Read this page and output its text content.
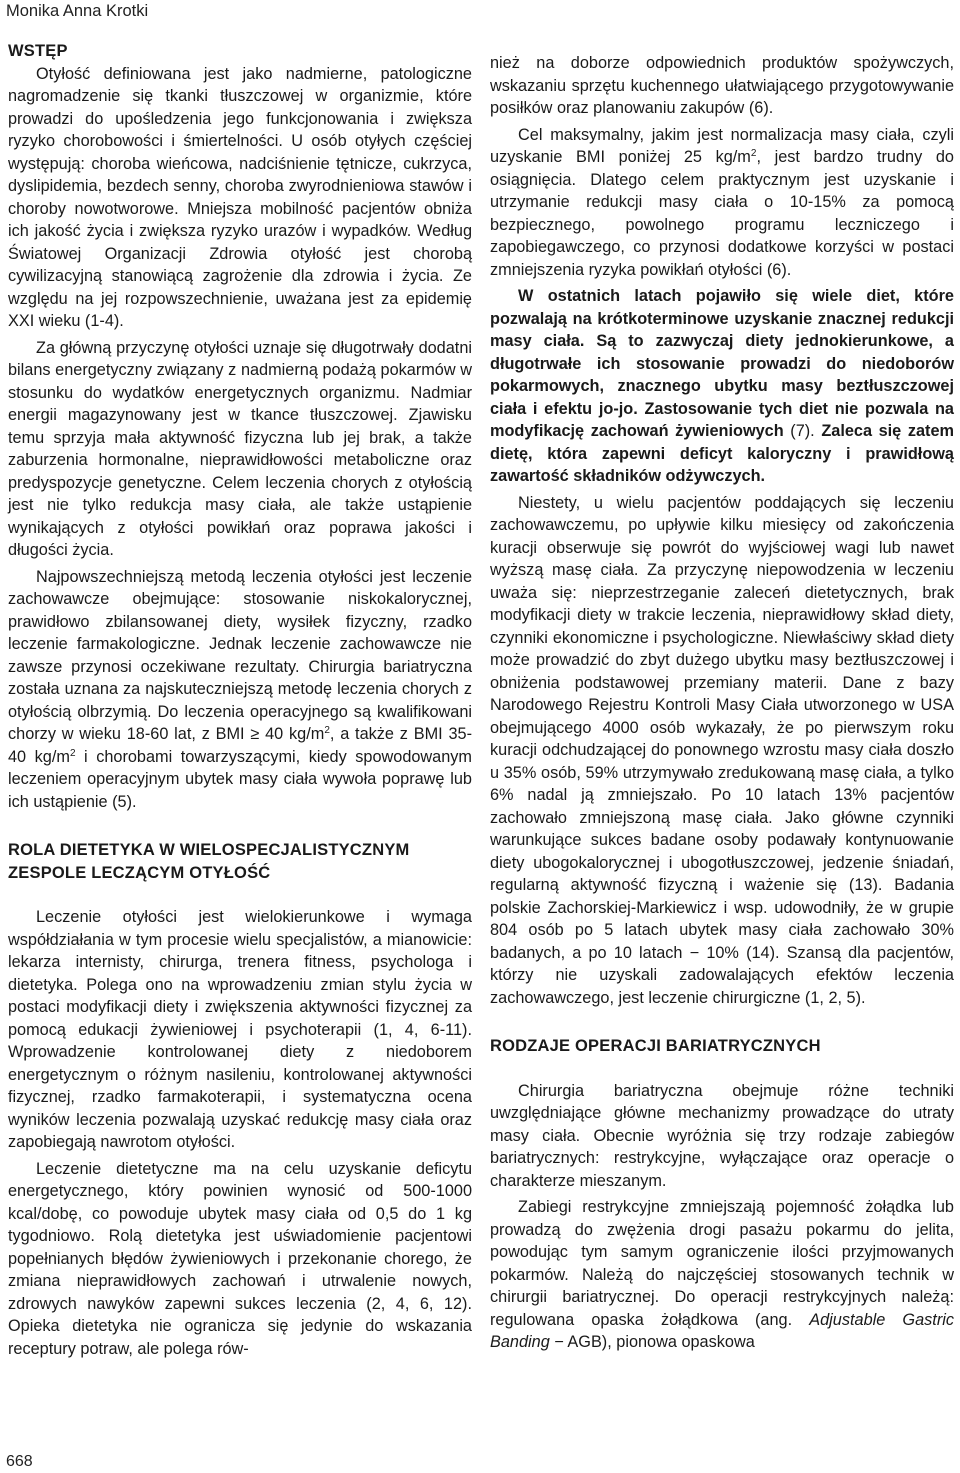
Monika Anna Krotki
WSTĘP

Otyłość definiowana jest jako nadmierne, patologiczne nagromadzenie się tkanki tłuszczowej w organizmie, które prowadzi do upośledzenia jego funkcjonowania i zwiększa ryzyko chorobowości i śmiertelności. U osób otyłych częściej występują: choroba wieńcowa, nadciśnienie tętnicze, cukrzyca, dyslipidemia, bezdech senny, choroba zwyrodnieniowa stawów i choroby nowotworowe. Mniejsza mobilność pacjentów obniża ich jakość życia i zwiększa ryzyko urazów i wypadków. Według Światowej Organizacji Zdrowia otyłość jest chorobą cywilizacyjną stanowiącą zagrożenie dla zdrowia i życia. Ze względu na jej rozpowszechnienie, uważana jest za epidemię XXI wieku (1-4).

Za główną przyczynę otyłości uznaje się długotrwały dodatni bilans energetyczny związany z nadmierną podażą pokarmów w stosunku do wydatków energetycznych organizmu. Nadmiar energii magazynowany jest w tkance tłuszczowej. Zjawisku temu sprzyja mała aktywność fizyczna lub jej brak, a także zaburzenia hormonalne, nieprawidłowości metaboliczne oraz predyspozycje genetyczne. Celem leczenia chorych z otyłością jest nie tylko redukcja masy ciała, ale także ustąpienie wynikających z otyłości powikłań oraz poprawa jakości i długości życia.

Najpowszechniejszą metodą leczenia otyłości jest leczenie zachowawcze obejmujące: stosowanie niskokalorycznej, prawidłowo zbilansowanej diety, wysiłek fizyczny, rzadko leczenie farmakologiczne. Jednak leczenie zachowawcze nie zawsze przynosi oczekiwane rezultaty. Chirurgia bariatryczna została uznana za najskuteczniejszą metodę leczenia chorych z otyłością olbrzymią. Do leczenia operacyjnego są kwalifikowani chorzy w wieku 18-60 lat, z BMI ≥ 40 $kg/m^2$, a także z BMI 35-40 $kg/m^2$ i chorobami towarzyszącymi, kiedy spowodowanym leczeniem operacyjnym ubytek masy ciała wywoła poprawę lub ich ustąpienie (5).

ROLA DIETETYKA W WIELOSPECJALISTYCZNYM ZESPOLE LECZĄCYM OTYŁOŚĆ

Leczenie otyłości jest wielokierunkowe i wymaga współdziałania w tym procesie wielu specjalistów, a mianowicie: lekarza internisty, chirurga, trenera fitness, psychologa i dietetyka. Polega ono na wprowadzeniu zmian stylu życia w postaci modyfikacji diety i zwiększenia aktywności fizycznej za pomocą edukacji żywieniowej i psychoterapii (1, 4, 6-11). Wprowadzenie kontrolowanej diety z niedoborem energetycznym o różnym nasileniu, kontrolowanej aktywności fizycznej, rzadko farmakoterapii, i systematyczna ocena wyników leczenia pozwalają uzyskać redukcję masy ciała oraz zapobiegają nawrotom otyłości.

Leczenie dietetyczne ma na celu uzyskanie deficytu energetycznego, który powinien wynosić od 500-1000 kcal/dobę, co powoduje ubytek masy ciała od 0,5 do 1 kg tygodniowo. Rolą dietetyka jest uświadomienie pacjentowi popełnianych błędów żywieniowych i przekonanie chorego, że zmiana nieprawidłowych zachowań i utrwalenie nowych, zdrowych nawyków zapewni sukces leczenia (2, 4, 6, 12). Opieka dietetyka nie ogranicza się jedynie do wskazania receptury potraw, ale polega rów-

nież na doborze odpowiednich produktów spożywczych, wskazaniu sprzętu kuchennego ułatwiającego przygotowywanie posiłków oraz planowaniu zakupów (6).

Cel maksymalny, jakim jest normalizacja masy ciała, czyli uzyskanie BMI poniżej 25 $kg/m^2$, jest bardzo trudny do osiągnięcia. Dlatego celem praktycznym jest uzyskanie i utrzymanie redukcji masy ciała o 10-15% za pomocą bezpiecznego, powolnego programu leczniczego i zapobiegawczego, co przynosi dodatkowe korzyści w postaci zmniejszenia ryzyka powikłań otyłości (6).

W ostatnich latach pojawiło się wiele diet, które pozwalają na krótkoterminowe uzyskanie znacznej redukcji masy ciała. Są to zazwyczaj diety jednokierunkowe, a długotrwałe ich stosowanie prowadzi do niedoborów pokarmowych, znacznego ubytku masy beztłuszczowej ciała i efektu jo-jo. Zastosowanie tych diet nie pozwala na modyfikację zachowań żywieniowych (7). Zaleca się zatem dietę, która zapewni deficyt kaloryczny i prawidłową zawartość składników odżywczych.

Niestety, u wielu pacjentów poddających się leczeniu zachowawczemu, po upływie kilku miesięcy od zakończenia kuracji obserwuje się powrót do wyjściowej wagi lub nawet wyższą masę ciała. Za przyczynę niepowodzenia w leczeniu uważa się: nieprzestrzeganie zaleceń dietetycznych, brak modyfikacji diety w trakcie leczenia, nieprawidłowy skład diety, czynniki ekonomiczne i psychologiczne. Niewłaściwy skład diety może prowadzić do zbyt dużego ubytku masy beztłuszczowej i obniżenia podstawowej przemiany materii. Dane z bazy Narodowego Rejestru Kontroli Masy Ciała utworzonego w USA obejmującego 4000 osób wykazały, że po pierwszym roku kuracji odchudzającej do ponownego wzrostu masy ciała doszło u 35% osób, 59% utrzymywało zredukowaną masę ciała, a tylko 6% nadal ją zmniejszało. Po 10 latach 13% pacjentów zachowało zmniejszoną masę ciała. Jako główne czynniki warunkujące sukces badane osoby podawały kontynuowanie diety ubogokalorycznej i ubogotłuszczowej, jedzenie śniadań, regularną aktywność fizyczną i ważenie się (13). Badania polskie Zachorskiej-Markiewicz i wsp. udowodniły, że w grupie 804 osób po 5 latach ubytek masy ciała zachowało 30% badanych, a po 10 latach − 10% (14). Szansą dla pacjentów, którzy nie uzyskali zadowalających efektów leczenia zachowawczego, jest leczenie chirurgiczne (1, 2, 5).

RODZAJE OPERACJI BARIATRYCZNYCH

Chirurgia bariatryczna obejmuje różne techniki uwzględniające główne mechanizmy prowadzące do utraty masy ciała. Obecnie wyróżnia się trzy rodzaje zabiegów bariatrycznych: restrykcyjne, wyłączające oraz operacje o charakterze mieszanym.

Zabiegi restrykcyjne zmniejszają pojemność żołądka lub prowadzą do zwężenia drogi pasażu pokarmu do jelita, powodując tym samym ograniczenie ilości przyjmowanych pokarmów. Należą do najczęściej stosowanych technik w chirurgii bariatrycznej. Do operacji restrykcyjnych należą: regulowana opaska żołądkowa (ang. Adjustable Gastric Banding − AGB), pionowa opaskowa

668
